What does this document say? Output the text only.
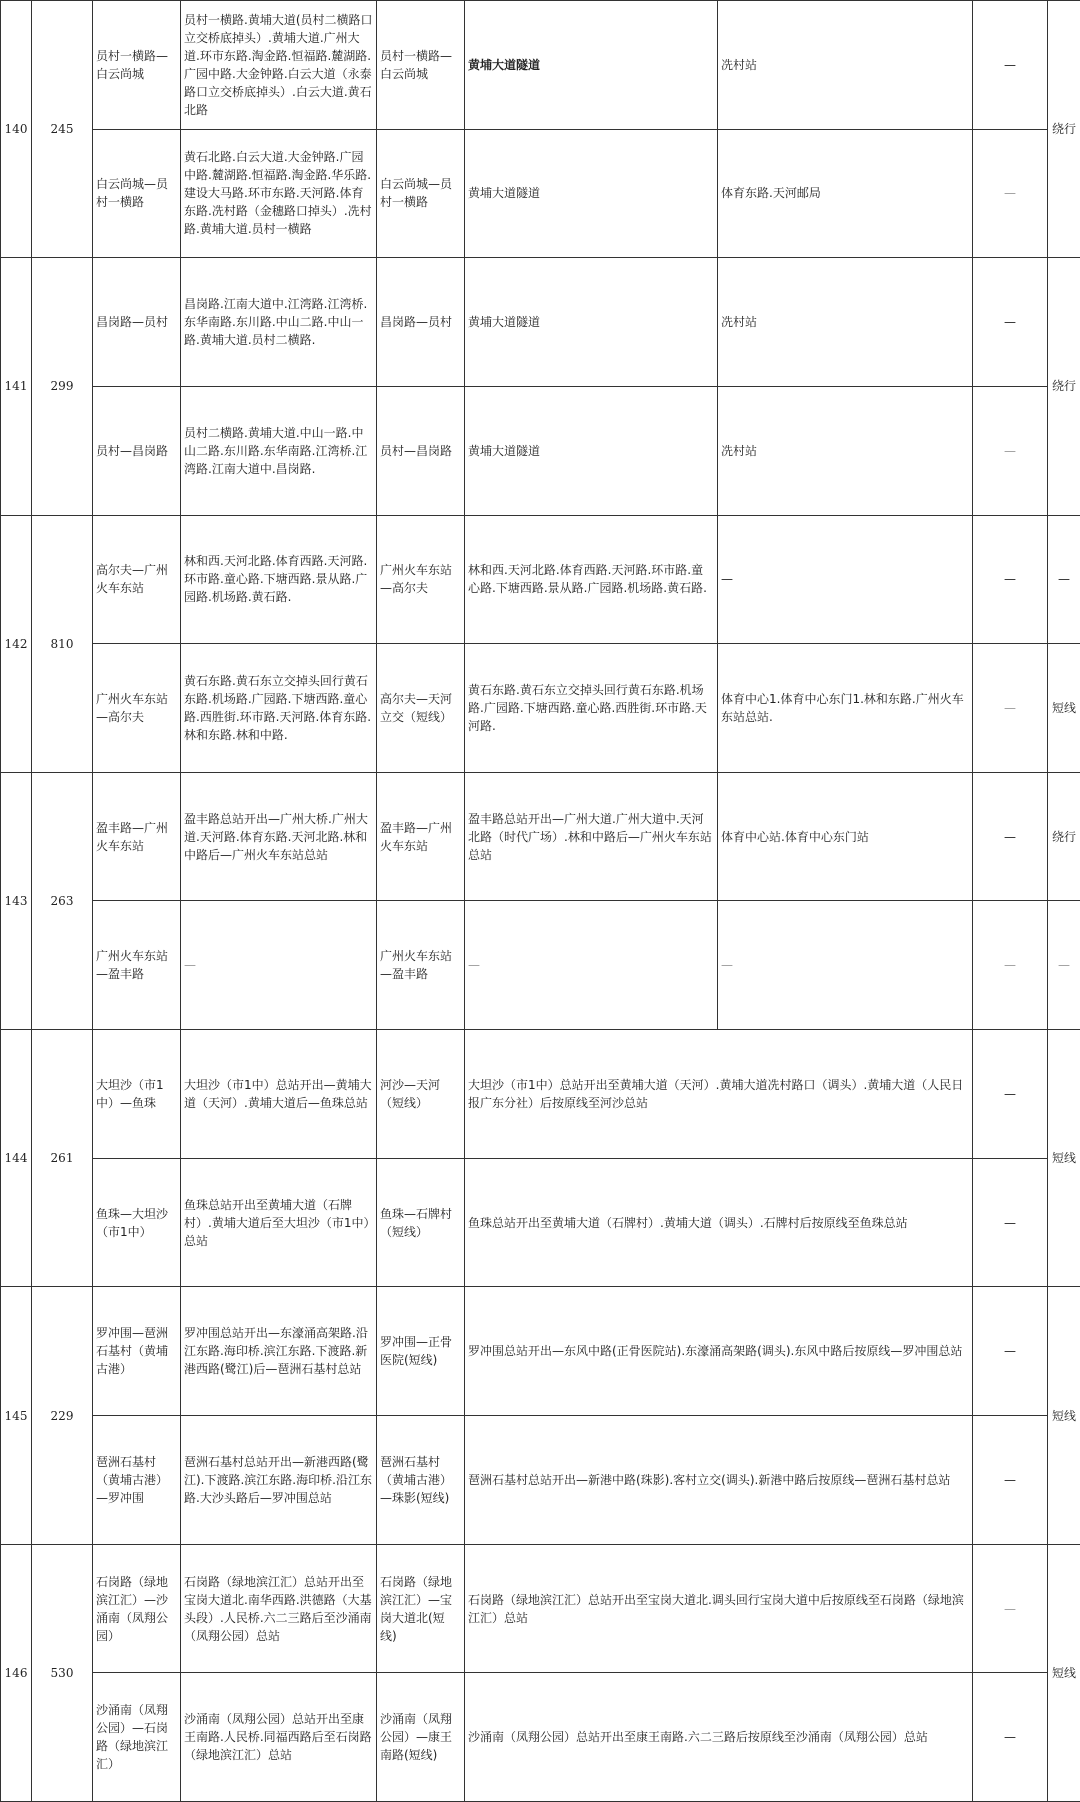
140	245	员村一横路—白云尚城	员村一横路.黄埔大道(员村二横路口立交桥底掉头）.黄埔大道.广州大道.环市东路.淘金路.恒福路.麓湖路.广园中路.大金钟路.白云大道（永泰路口立交桥底掉头）.白云大道.黄石北路	员村一横路—白云尚城	黄埔大道隧道	冼村站	—	绕行
		白云尚城—员村一横路	黄石北路.白云大道.大金钟路.广园中路.麓湖路.恒福路.淘金路.华乐路.建设大马路.环市东路.天河路.体育东路.冼村路（金穗路口掉头）.冼村路.黄埔大道.员村一横路	白云尚城—员村一横路	黄埔大道隧道	体育东路.天河邮局	—	
141	299	昌岗路—员村	昌岗路.江南大道中.江湾路.江湾桥.东华南路.东川路.中山二路.中山一路.黄埔大道.员村二横路.	昌岗路—员村	黄埔大道隧道	冼村站	—	绕行
		员村—昌岗路	员村二横路.黄埔大道.中山一路.中山二路.东川路.东华南路.江湾桥.江湾路.江南大道中.昌岗路.	员村—昌岗路	黄埔大道隧道	冼村站	—	
142	810	高尔夫—广州火车东站	林和西.天河北路.体育西路.天河路.环市路.童心路.下塘西路.景从路.广园路.机场路.黄石路.	广州火车东站—高尔夫	林和西.天河北路.体育西路.天河路.环市路.童心路.下塘西路.景从路.广园路.机场路.黄石路.	—	—	—
		广州火车东站—高尔夫	黄石东路.黄石东立交掉头回行黄石东路.机场路.广园路.下塘西路.童心路.西胜街.环市路.天河路.体育东路.林和东路.林和中路.	高尔夫—天河立交（短线）	黄石东路.黄石东立交掉头回行黄石东路.机场路.广园路.下塘西路.童心路.西胜街.环市路.天河路.	体育中心1.体育中心东门1.林和东路.广州火车东站总站.	—	短线
143	263	盈丰路—广州火车东站	盈丰路总站开出—广州大桥.广州大道.天河路.体育东路.天河北路.林和中路后—广州火车东站总站	盈丰路—广州火车东站	盈丰路总站开出—广州大道.广州大道中.天河北路（时代广场）.林和中路后—广州火车东站总站	体育中心站.体育中心东门站	—	绕行
		广州火车东站—盈丰路	—	广州火车东站—盈丰路	—	—	—	—
144	261	大坦沙（市1中）—鱼珠	大坦沙（市1中）总站开出—黄埔大道（天河）.黄埔大道后—鱼珠总站	河沙—天河（短线）	大坦沙（市1中）总站开出至黄埔大道（天河）.黄埔大道冼村路口（调头）.黄埔大道（人民日报广东分社）后按原线至河沙总站		—	短线
		鱼珠—大坦沙（市1中）	鱼珠总站开出至黄埔大道（石牌村）.黄埔大道后至大坦沙（市1中）总站	鱼珠—石牌村（短线）	鱼珠总站开出至黄埔大道（石牌村）.黄埔大道（调头）.石牌村后按原线至鱼珠总站		—	
145	229	罗冲围—琶洲石基村（黄埔古港）	罗冲围总站开出—东濠涌高架路.沿江东路.海印桥.滨江东路.下渡路.新港西路(鹭江)后—琶洲石基村总站	罗冲围—正骨医院(短线)	罗冲围总站开出—东风中路(正骨医院站).东濠涌高架路(调头).东风中路后按原线—罗冲围总站		—	短线
		琶洲石基村（黄埔古港）—罗冲围	琶洲石基村总站开出—新港西路(鹭江).下渡路.滨江东路.海印桥.沿江东路.大沙头路后—罗冲围总站	琶洲石基村（黄埔古港）—珠影(短线)	琶洲石基村总站开出—新港中路(珠影).客村立交(调头).新港中路后按原线—琶洲石基村总站		—	
146	530	石岗路（绿地滨江汇）—沙涌南（凤翔公园）	石岗路（绿地滨江汇）总站开出至宝岗大道北.南华西路.洪德路（大基头段）.人民桥.六二三路后至沙涌南（凤翔公园）总站	石岗路（绿地滨江汇）—宝岗大道北(短线)	石岗路（绿地滨江汇）总站开出至宝岗大道北.调头回行宝岗大道中后按原线至石岗路（绿地滨江汇）总站		—	短线
		沙涌南（凤翔公园）—石岗路（绿地滨江汇）	沙涌南（凤翔公园）总站开出至康王南路.人民桥.同福西路后至石岗路（绿地滨江汇）总站	沙涌南（凤翔公园）—康王南路(短线)	沙涌南（凤翔公园）总站开出至康王南路.六二三路后按原线至沙涌南（凤翔公园）总站		—	
